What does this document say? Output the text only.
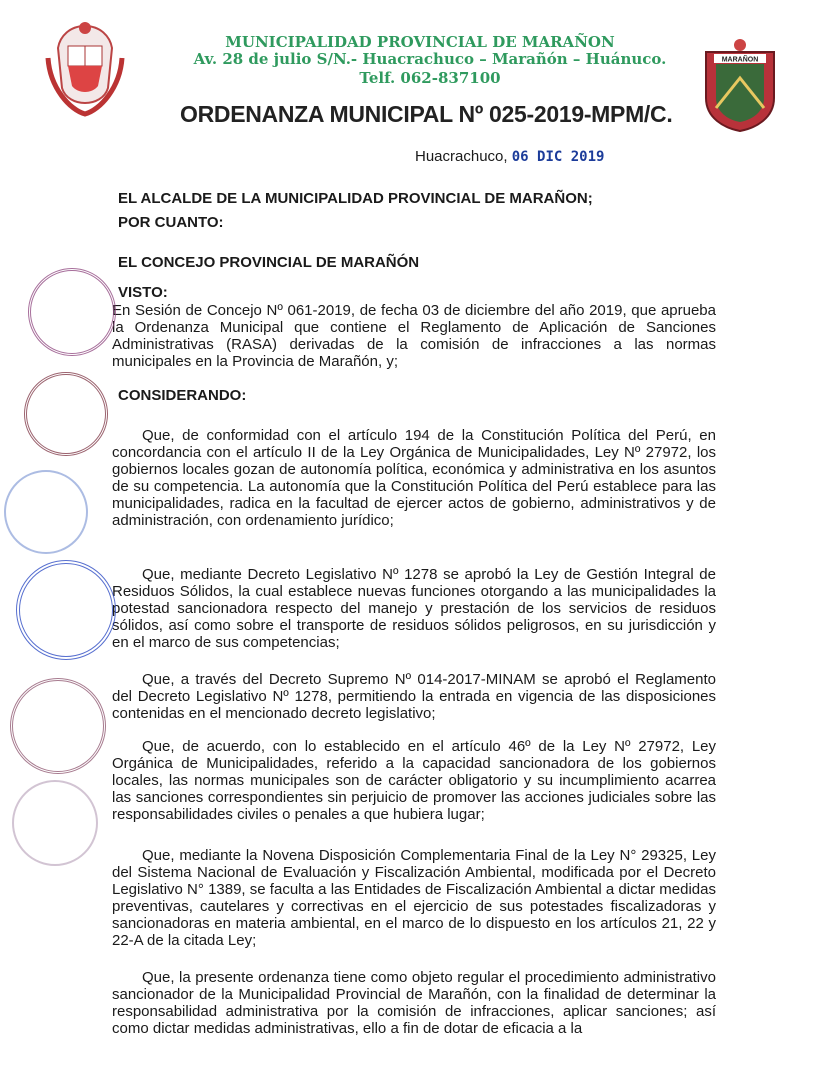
MUNICIPALIDAD PROVINCIAL DE MARAÑON
Av. 28 de julio S/N.- Huacrachuco – Marañón – Huánuco.
Telf. 062-837100
MARAÑON
ORDENANZA MUNICIPAL Nº 025-2019-MPM/C.
Huacrachuco, 06 DIC 2019
EL ALCALDE DE LA MUNICIPALIDAD PROVINCIAL DE MARAÑON;
POR CUANTO:
EL CONCEJO PROVINCIAL DE MARAÑÓN
VISTO:
En Sesión de Concejo Nº 061-2019, de fecha 03 de diciembre del año 2019, que aprueba la Ordenanza Municipal que contiene el Reglamento de Aplicación de Sanciones Administrativas (RASA) derivadas de la comisión de infracciones a las normas municipales en la Provincia de Marañón, y;
CONSIDERANDO:
Que, de conformidad con el artículo 194 de la Constitución Política del Perú, en concordancia con el artículo II de la Ley Orgánica de Municipalidades, Ley Nº 27972, los gobiernos locales gozan de autonomía política, económica y administrativa en los asuntos de su competencia. La autonomía que la Constitución Política del Perú establece para las municipalidades, radica en la facultad de ejercer actos de gobierno, administrativos y de administración, con ordenamiento jurídico;
Que, mediante Decreto Legislativo Nº 1278 se aprobó la Ley de Gestión Integral de Residuos Sólidos, la cual establece nuevas funciones otorgando a las municipalidades la potestad sancionadora respecto del manejo y prestación de los servicios de residuos sólidos, así como sobre el transporte de residuos sólidos peligrosos, en su jurisdicción y en el marco de sus competencias;
Que, a través del Decreto Supremo Nº 014-2017-MINAM se aprobó el Reglamento del Decreto Legislativo Nº 1278, permitiendo la entrada en vigencia de las disposiciones contenidas en el mencionado decreto legislativo;
Que, de acuerdo, con lo establecido en el artículo 46º de la Ley Nº 27972, Ley Orgánica de Municipalidades, referido a la capacidad sancionadora de los gobiernos locales, las normas municipales son de carácter obligatorio y su incumplimiento acarrea las sanciones correspondientes sin perjuicio de promover las acciones judiciales sobre las responsabilidades civiles o penales a que hubiera lugar;
Que, mediante la Novena Disposición Complementaria Final de la Ley N° 29325, Ley del Sistema Nacional de Evaluación y Fiscalización Ambiental, modificada por el Decreto Legislativo N° 1389, se faculta a las Entidades de Fiscalización Ambiental a dictar medidas preventivas, cautelares y correctivas en el ejercicio de sus potestades fiscalizadoras y sancionadoras en materia ambiental, en el marco de lo dispuesto en los artículos 21, 22 y 22-A de la citada Ley;
Que, la presente ordenanza tiene como objeto regular el procedimiento administrativo sancionador de la Municipalidad Provincial de Marañón, con la finalidad de determinar la responsabilidad administrativa por la comisión de infracciones, aplicar sanciones; así como dictar medidas administrativas, ello a fin de dotar de eficacia a la
